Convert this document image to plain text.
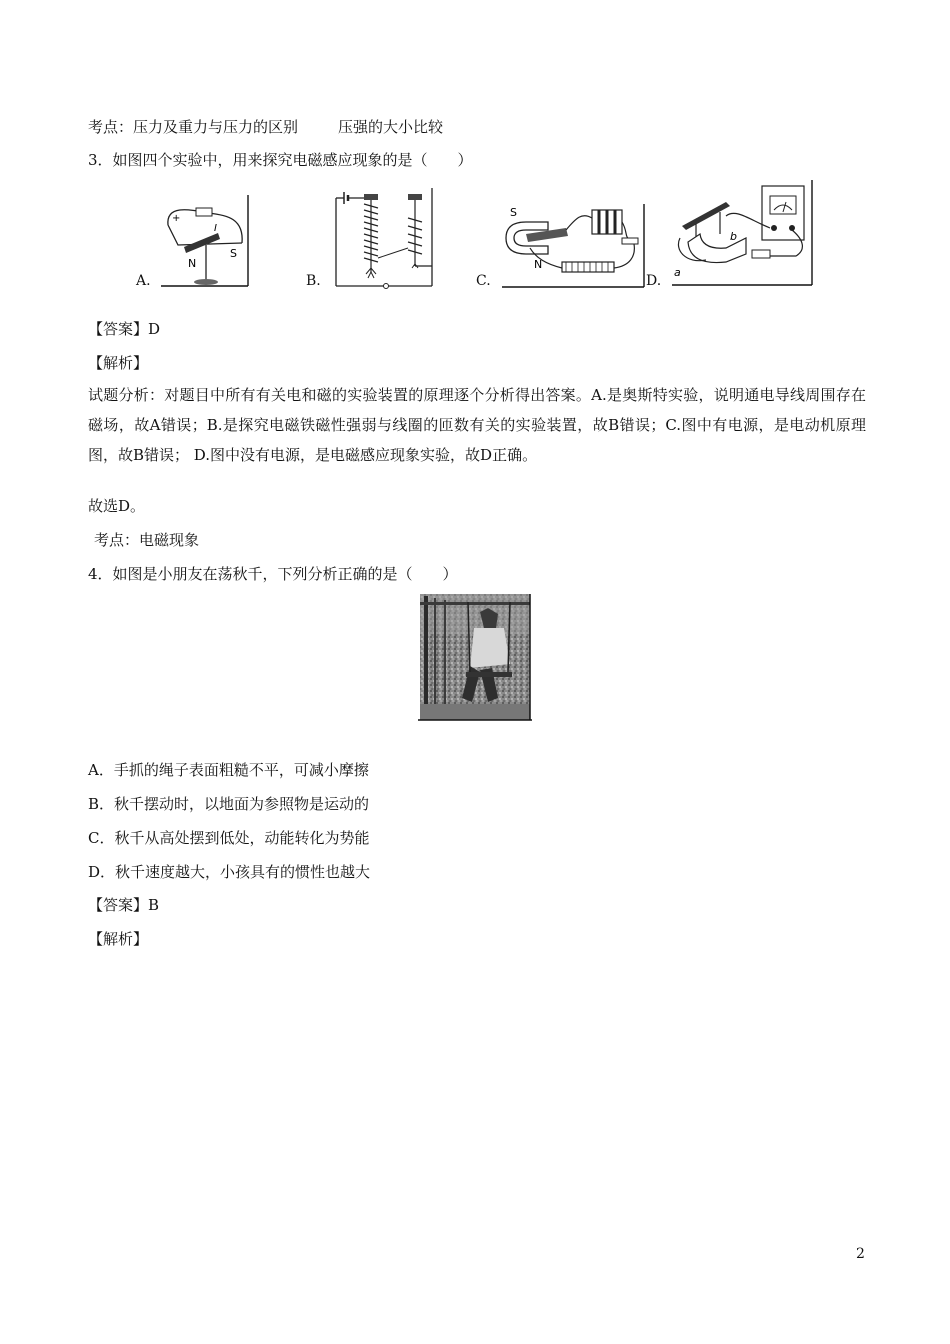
考点：压力及重力与压力的区别	压强的大小比较
3．如图四个实验中，用来探究电磁感应现象的是（　　）
A.
N
S
I
+
B.	C.
S
N
D.
a
b
【答案】D
【解析】
试题分析：对题目中所有有关电和磁的实验装置的原理逐个分析得出答案。A.是奥斯特实验，说明通电导线周围存在磁场，故A错误；B.是探究电磁铁磁性强弱与线圈的匝数有关的实验装置，故B错误；C.图中有电源，是电动机原理图，故B错误； D.图中没有电源，是电磁感应现象实验，故D正确。
故选D。
考点：电磁现象
4．如图是小朋友在荡秋千，下列分析正确的是（　　）
A．手抓的绳子表面粗糙不平，可减小摩擦
B．秋千摆动时，以地面为参照物是运动的
C．秋千从高处摆到低处，动能转化为势能
D．秋千速度越大，小孩具有的惯性也越大
【答案】B
【解析】
2
